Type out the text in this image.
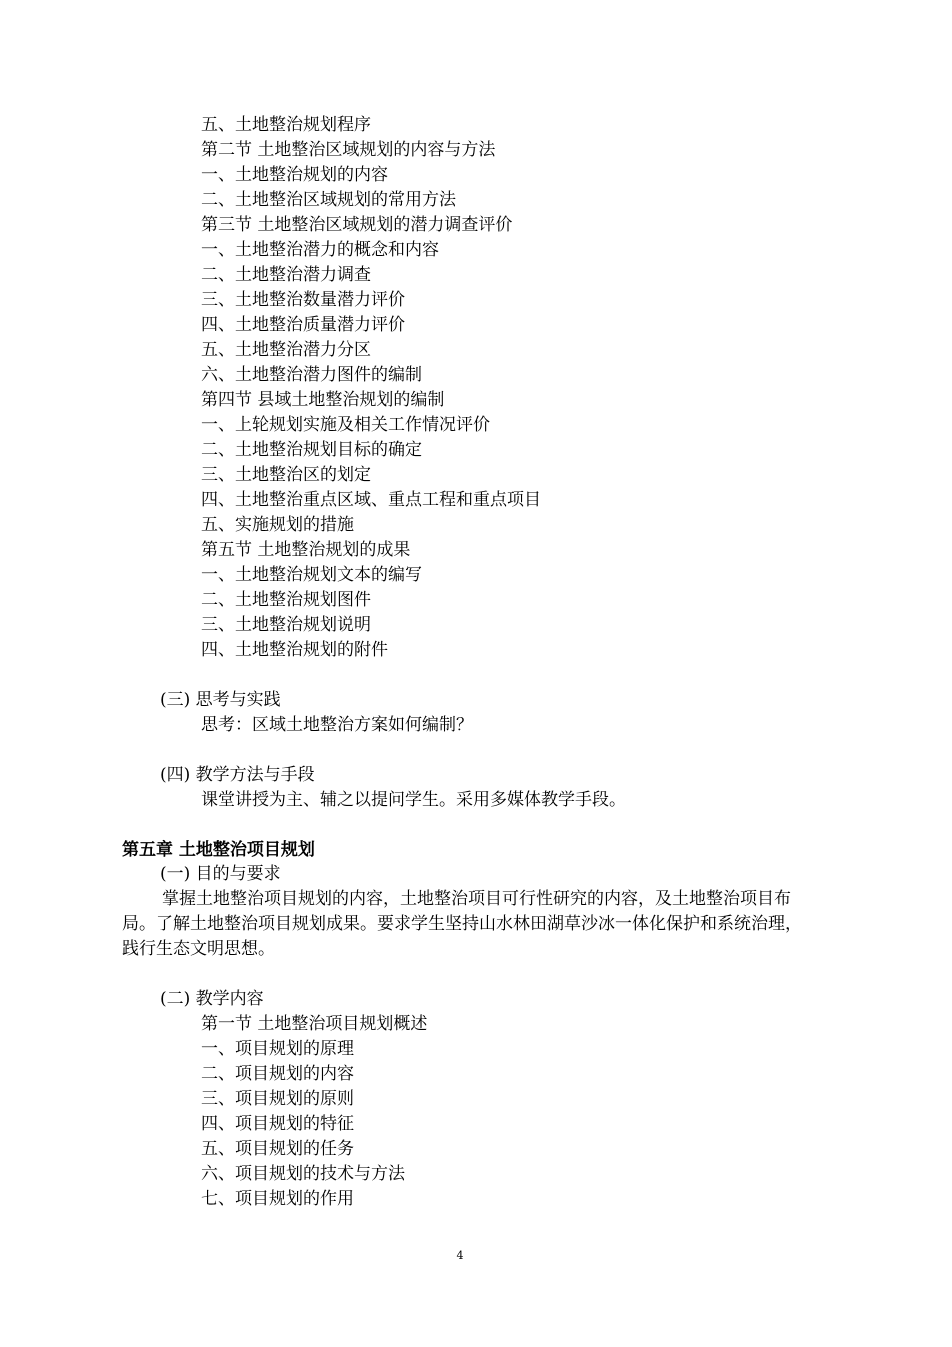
五、土地整治规划程序
第二节 土地整治区域规划的内容与方法
一、土地整治规划的内容
二、土地整治区域规划的常用方法
第三节 土地整治区域规划的潜力调查评价
一、土地整治潜力的概念和内容
二、土地整治潜力调查
三、土地整治数量潜力评价
四、土地整治质量潜力评价
五、土地整治潜力分区
六、土地整治潜力图件的编制
第四节 县域土地整治规划的编制
一、上轮规划实施及相关工作情况评价
二、土地整治规划目标的确定
三、土地整治区的划定
四、土地整治重点区域、重点工程和重点项目
五、实施规划的措施
第五节 土地整治规划的成果
一、土地整治规划文本的编写
二、土地整治规划图件
三、土地整治规划说明
四、土地整治规划的附件
(三) 思考与实践
思考：区域土地整治方案如何编制？
(四) 教学方法与手段
课堂讲授为主、辅之以提问学生。采用多媒体教学手段。
第五章 土地整治项目规划
(一) 目的与要求
掌握土地整治项目规划的内容，土地整治项目可行性研究的内容，及土地整治项目布局。了解土地整治项目规划成果。要求学生坚持山水林田湖草沙冰一体化保护和系统治理，践行生态文明思想。
(二) 教学内容
第一节 土地整治项目规划概述
一、项目规划的原理
二、项目规划的内容
三、项目规划的原则
四、项目规划的特征
五、项目规划的任务
六、项目规划的技术与方法
七、项目规划的作用
4
